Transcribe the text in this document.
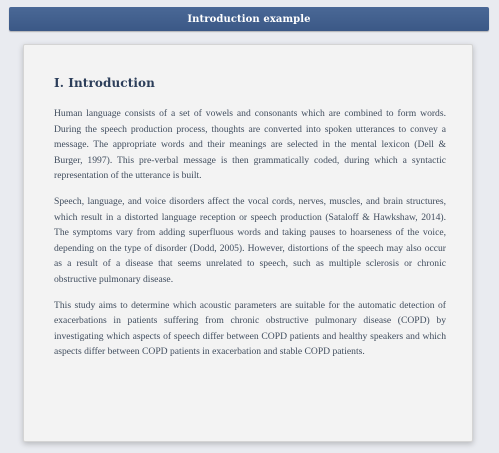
Introduction example
I. Introduction

Human language consists of a set of vowels and consonants which are combined to form words. During the speech production process, thoughts are converted into spoken utterances to convey a message. The appropriate words and their meanings are selected in the mental lexicon (Dell & Burger, 1997). This pre-verbal message is then grammatically coded, during which a syntactic representation of the utterance is built.

Speech, language, and voice disorders affect the vocal cords, nerves, muscles, and brain structures, which result in a distorted language reception or speech production (Sataloff & Hawkshaw, 2014). The symptoms vary from adding superfluous words and taking pauses to hoarseness of the voice, depending on the type of disorder (Dodd, 2005). However, distortions of the speech may also occur as a result of a disease that seems unrelated to speech, such as multiple sclerosis or chronic obstructive pulmonary disease.

This study aims to determine which acoustic parameters are suitable for the automatic detection of exacerbations in patients suffering from chronic obstructive pulmonary disease (COPD) by investigating which aspects of speech differ between COPD patients and healthy speakers and which aspects differ between COPD patients in exacerbation and stable COPD patients.
